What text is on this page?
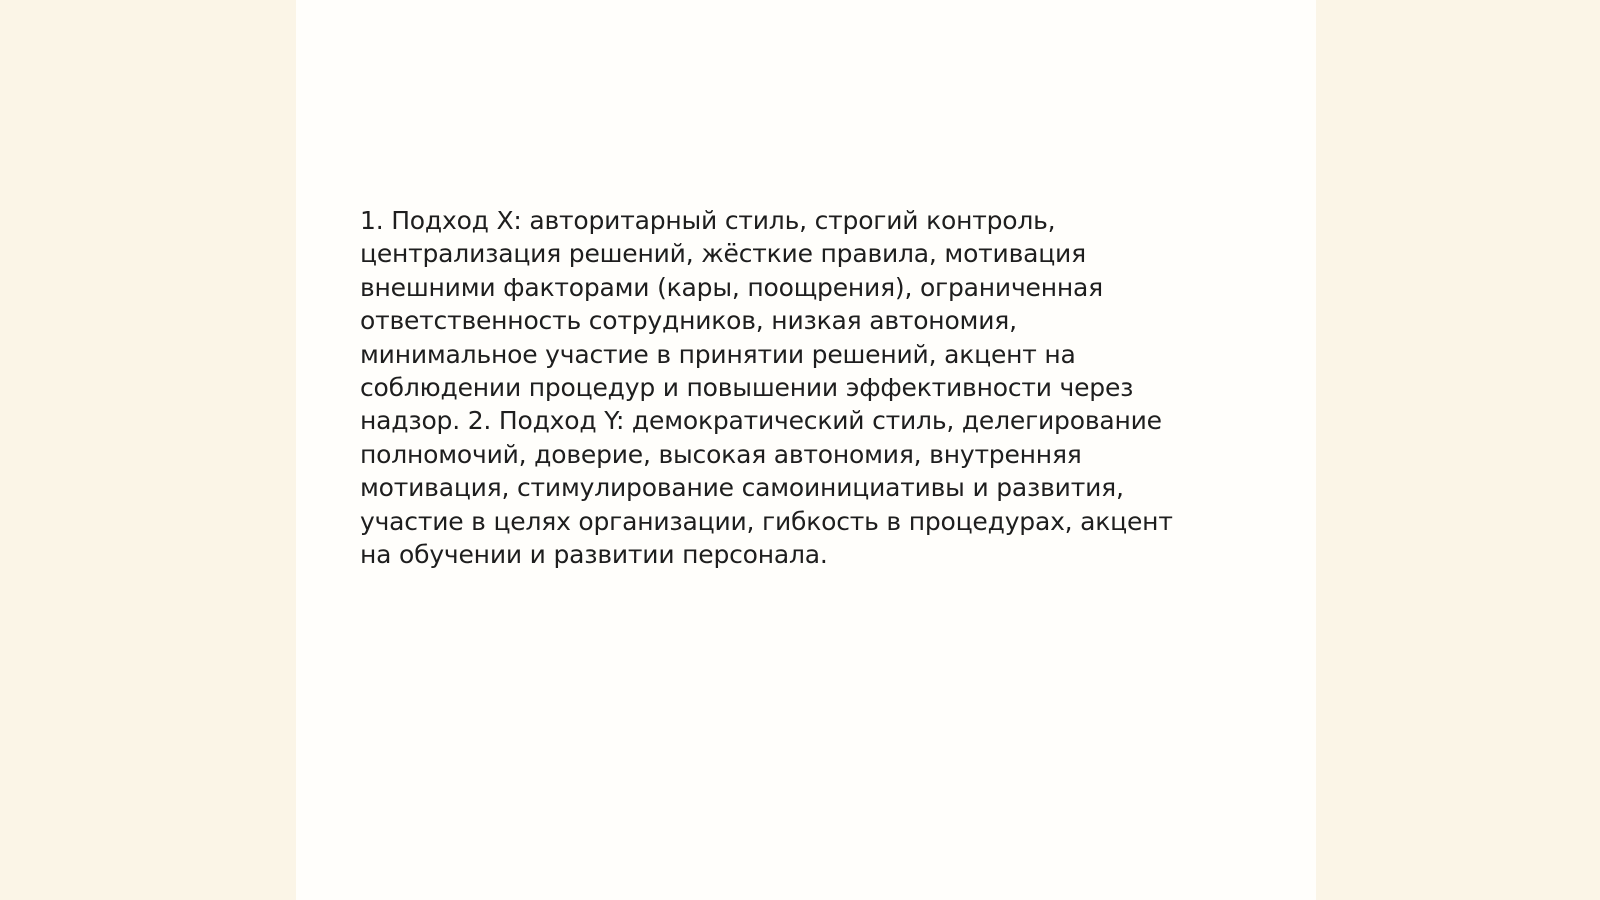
1. Подход X: авторитарный стиль, строгий контроль,
централизация решений, жёсткие правила, мотивация
внешними факторами (кары, поощрения), ограниченная
ответственность сотрудников, низкая автономия,
минимальное участие в принятии решений, акцент на
соблюдении процедур и повышении эффективности через
надзор. 2. Подход Y: демократический стиль, делегирование
полномочий, доверие, высокая автономия, внутренняя
мотивация, стимулирование самоинициативы и развития,
участие в целях организации, гибкость в процедурах, акцент
на обучении и развитии персонала.
